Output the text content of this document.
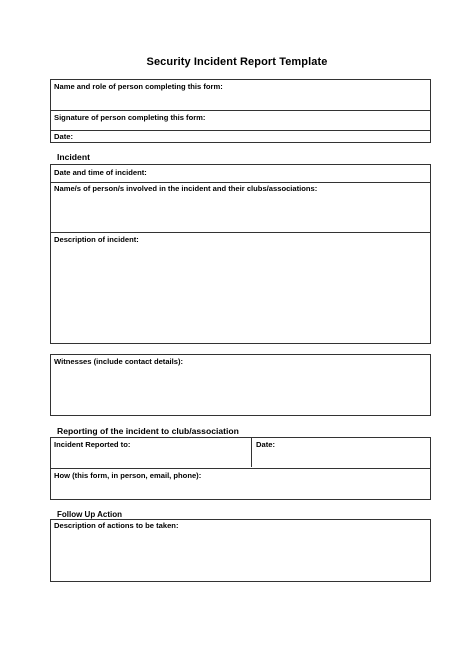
Security Incident Report Template
Name and role of person completing this form:
Signature of person completing this form:
Date:
Incident
Date and time of incident:
Name/s of person/s involved in the incident and their clubs/associations:
Description of incident:
Witnesses (include contact details):
Reporting of the incident to club/association
Incident Reported to:	Date:
How (this form, in person, email, phone):
Follow Up Action
Description of actions to be taken:
